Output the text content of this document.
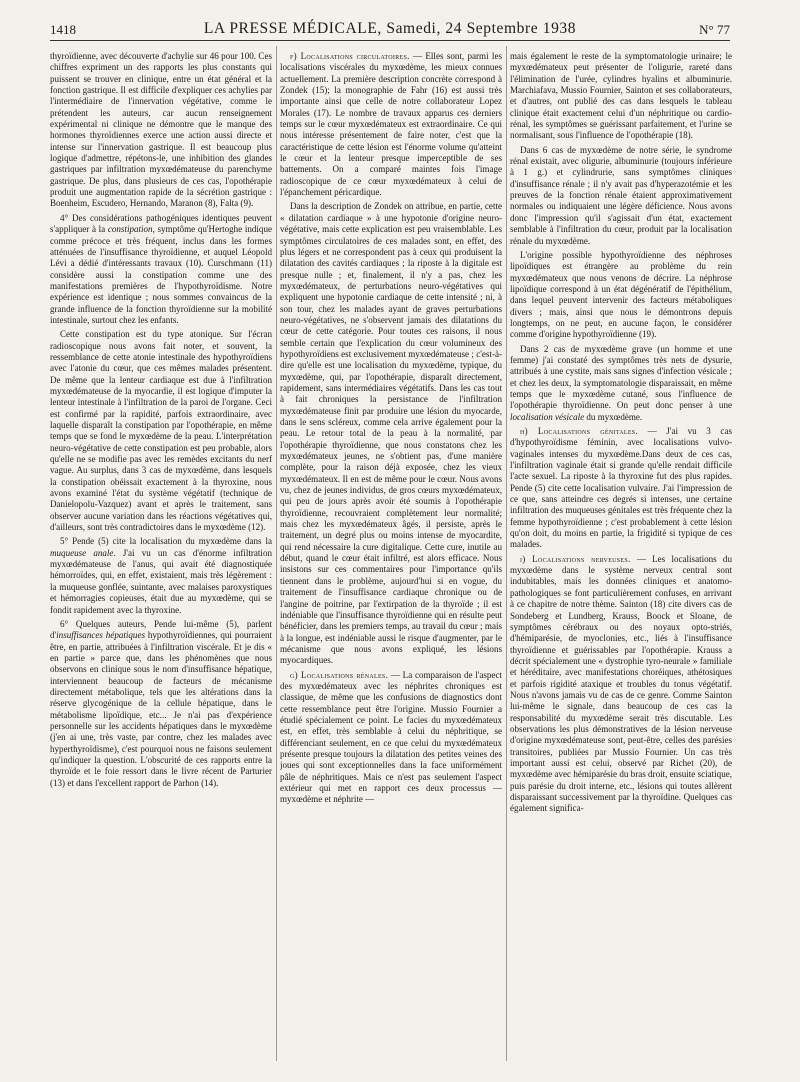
1418	LA PRESSE MÉDICALE, Samedi, 24 Septembre 1938	N° 77

thyroïdienne, avec découverte d'achylie sur 46 pour 100. Ces chiffres expriment un des rapports les plus constants qui puissent se trouver en clinique, entre un état général et la fonction gastrique. Il est difficile d'expliquer ces achylies par l'intermédiaire de l'innervation végétative, comme le prétendent les auteurs, car aucun renseignement expérimental ni clinique ne démontre que le manque des hormones thyroïdiennes exerce une action aussi directe et intense sur l'innervation gastrique. Il est beaucoup plus logique d'admettre, répétons-le, une inhibition des glandes gastriques par infiltration myxœdémateuse du parenchyme gastrique. De plus, dans plusieurs de ces cas, l'opothérapie produit une augmentation rapide de la sécrétion gastrique : Boenheim, Escudero, Hernando, Maranon (8), Falta (9).

4° Des considérations pathogéniques identiques peuvent s'appliquer à la constipation, symptôme qu'Hertoghe indique comme précoce et très fréquent, inclus dans les formes atténuées de l'insuffisance thyroïdienne, et auquel Léopold Lévi a dédié d'intéressants travaux (10). Curschmann (11) considère aussi la constipation comme une des manifestations premières de l'hypothyroïdisme. Notre expérience est identique ; nous sommes convaincus de la grande influence de la fonction thyroïdienne sur la mobilité intestinale, surtout chez les enfants.

Cette constipation est du type atonique. Sur l'écran radioscopique nous avons fait noter, et souvent, la ressemblance de cette atonie intestinale des hypothyroïdiens avec l'atonie du cœur, que ces mêmes malades présentent. De même que la lenteur cardiaque est due à l'infiltration myxœdémateuse de la myocardie, il est logique d'imputer la lenteur intestinale à l'infiltration de la paroi de l'organe. Ceci est confirmé par la rapidité, parfois extraordinaire, avec laquelle disparaît la constipation par l'opothérapie, en même temps que se fond le myxœdème de la peau. L'interprétation neuro-végétative de cette constipation est peu probable, alors qu'elle ne se modifie pas avec les remèdes excitants du nerf vague. Au surplus, dans 3 cas de myxœdème, dans lesquels la constipation obéissait exactement à la thyroxine, nous avons examiné l'état du système végétatif (technique de Danielopolu-Vazquez) avant et après le traitement, sans observer aucune variation dans les réactions végétatives qui, d'ailleurs, sont très contradictoires dans le myxœdème (12).

5° Pende (5) cite la localisation du myxœdème dans la muqueuse anale. J'ai vu un cas d'énorme infiltration myxœdémateuse de l'anus, qui avait été diagnostiquée hémorroïdes, qui, en effet, existaient, mais très légèrement : la muqueuse gonflée, suintante, avec malaises paroxystiques et hémorragies copieuses, était due au myxœdème, qui se fondit rapidement avec la thyroxine.

6° Quelques auteurs, Pende lui-même (5), parlent d'insuffisances hépatiques hypothyroïdiennes, qui pourraient être, en partie, attribuées à l'infiltration viscérale. Et je dis « en partie » parce que, dans les phénomènes que nous observons en clinique sous le nom d'insuffisance hépatique, interviennent beaucoup de facteurs de mécanisme directement métabolique, tels que les altérations dans la réserve glycogénique de la cellule hépatique, dans le métabolisme lipoïdique, etc... Je n'ai pas d'expérience personnelle sur les accidents hépatiques dans le myxœdème (j'en ai une, très vaste, par contre, chez les malades avec hyperthyroïdisme), c'est pourquoi nous ne faisons seulement qu'indiquer la question. L'obscurité de ces rapports entre la thyroïde et le foie ressort dans le livre récent de Parturier (13) et dans l'excellent rapport de Parhon (14).

f) Localisations circulatoires. — Elles sont, parmi les localisations viscérales du myxœdème, les mieux connues actuellement. La première description concrète correspond à Zondek (15); la monographie de Fahr (16) est aussi très importante ainsi que celle de notre collaborateur Lopez Morales (17). Le nombre de travaux apparus ces derniers temps sur le cœur myxœdémateux est extraordinaire. Ce qui nous intéresse présentement de faire noter, c'est que la caractéristique de cette lésion est l'énorme volume qu'atteint le cœur et la lenteur presque imperceptible de ses battements. On a comparé maintes fois l'image radioscopique de ce cœur myxœdémateux à celui de l'épanchement péricardique.

Dans la description de Zondek on attribue, en partie, cette « dilatation cardiaque » à une hypotonie d'origine neuro-végétative, mais cette explication est peu vraisemblable. Les symptômes circulatoires de ces malades sont, en effet, des plus légers et ne correspondent pas à ceux qui produisent la dilatation des cavités cardiaques ; la riposte à la digitale est presque nulle ; et, finalement, il n'y a pas, chez les myxœdémateux, de perturbations neuro-végétatives qui expliquent une hypotonie cardiaque de cette intensité ; ni, à son tour, chez les malades ayant de graves perturbations neuro-végétatives, ne s'observent jamais des dilatations du cœur de cette catégorie. Pour toutes ces raisons, il nous semble certain que l'explication du cœur volumineux des hypothyroïdiens est exclusivement myxœdémateuse ; c'est-à-dire qu'elle est une localisation du myxœdème, typique, du myxœdème, qui, par l'opothérapie, disparaît directement, rapidement, sans intermédiaires végétatifs. Dans les cas tout à fait chroniques la persistance de l'infiltration myxœdémateuse finit par produire une lésion du myocarde, dans le sens scléreux, comme cela arrive également pour la peau. Le retour total de la peau à la normalité, par l'opothérapie thyroïdienne, que nous constatons chez les myxœdémateux jeunes, ne s'obtient pas, d'une manière complète, pour la raison déjà exposée, chez les vieux myxœdémateux. Il en est de même pour le cœur. Nous avons vu, chez de jeunes individus, de gros cœurs myxœdémateux, qui peu de jours après avoir été soumis à l'opothérapie thyroïdienne, recouvraient complètement leur normalité; mais chez les myxœdémateux âgés, il persiste, après le traitement, un degré plus ou moins intense de myocardite, qui rend nécessaire la cure digitalique. Cette cure, inutile au début, quand le cœur était infiltré, est alors efficace. Nous insistons sur ces commentaires pour l'importance qu'ils tiennent dans le problème, aujourd'hui si en vogue, du traitement de l'insuffisance cardiaque chronique ou de l'angine de poitrine, par l'extirpation de la thyroïde ; il est indéniable que l'insuffisance thyroïdienne qui en résulte peut bénéficier, dans les premiers temps, au travail du cœur ; mais à la longue, est indéniable aussi le risque d'augmenter, par le mécanisme que nous avons expliqué, les lésions myocardiques.

g) Localisations rénales. — La comparaison de l'aspect des myxœdémateux avec les néphrites chroniques est classique, de même que les confusions de diagnostics dont cette ressemblance peut être l'origine. Mussio Fournier a étudié spécialement ce point. Le facies du myxœdémateux est, en effet, très semblable à celui du néphritique, se différenciant seulement, en ce que celui du myxœdémateux présente presque toujours la dilatation des petites veines des joues qui sont exceptionnelles dans la face uniformément pâle de néphritiques. Mais ce n'est pas seulement l'aspect extérieur qui met en rapport ces deux processus — myxœdème et néphrite —

mais également le reste de la symptomatologie urinaire; le myxœdémateux peut présenter de l'oligurie, rareté dans l'élimination de l'urée, cylindres hyalins et albuminurie. Marchiafava, Mussio Fournier, Sainton et ses collaborateurs, et d'autres, ont publié des cas dans lesquels le tableau clinique était exactement celui d'un néphritique ou cardio-rénal, les symptômes se guérissant parfaitement, et l'urine se normalisant, sous l'influence de l'opothérapie (18).

Dans 6 cas de myxœdème de notre série, le syndrome rénal existait, avec oligurie, albuminurie (toujours inférieure à 1 g.) et cylindrurie, sans symptômes cliniques d'insuffisance rénale ; il n'y avait pas d'hyperazotémie et les preuves de la fonction rénale étaient approximativement normales ou indiquaient une légère déficience. Nous avons donc l'impression qu'il s'agissait d'un état, exactement semblable à l'infiltration du cœur, produit par la localisation rénale du myxœdème.

L'origine possible hypothyroïdienne des néphroses lipoïdiques est étrangère au problème du rein myxœdémateux que nous venons de décrire. La néphrose lipoïdique correspond à un état dégénératif de l'épithélium, dans lequel peuvent intervenir des facteurs métaboliques divers ; mais, ainsi que nous le démontrons depuis longtemps, on ne peut, en aucune façon, le considérer comme d'origine hypothyroïdienne (19).

Dans 2 cas de myxœdème grave (un homme et une femme) j'ai constaté des symptômes très nets de dysurie, attribués à une cystite, mais sans signes d'infection vésicale ; et chez les deux, la symptomatologie disparaissait, en même temps que le myxœdème cutané, sous l'influence de l'opothérapie thyroïdienne. On peut donc penser à une localisation vésicale du myxœdème.

h) Localisations génitales. — J'ai vu 3 cas d'hypothyroïdisme féminin, avec localisations vulvo-vaginales intenses du myxœdème.Dans deux de ces cas, l'infiltration vaginale était si grande qu'elle rendait difficile l'acte sexuel. La riposte à la thyroxine fut des plus rapides. Pende (5) cite cette localisation vulvaire. J'ai l'impression de ce que, sans atteindre ces degrés si intenses, une certaine infiltration des muqueuses génitales est très fréquente chez la femme hypothyroïdienne ; c'est probablement à cette lésion qu'on doit, du moins en partie, la frigidité si typique de ces malades.

i) Localisations nerveuses. — Les localisations du myxœdème dans le système nerveux central sont indubitables, mais les données cliniques et anatomo-pathologiques se font particulièrement confuses, en arrivant à ce chapitre de notre thème. Sainton (18) cite divers cas de Sondeberg et Lundberg, Krauss, Boock et Sloane, de symptômes cérébraux ou des noyaux opto-striés, d'hémiparésie, de myoclonies, etc., liés à l'insuffisance thyroïdienne et guérissables par l'opothérapie. Krauss a décrit spécialement une « dystrophie tyro-neurale » familiale et héréditaire, avec manifestations choréiques, athétosiques et parfois rigidité ataxique et troubles du tonus végétatif. Nous n'avons jamais vu de cas de ce genre. Comme Sainton lui-même le signale, dans beaucoup de ces cas la responsabilité du myxœdème serait très discutable. Les observations les plus démonstratives de la lésion nerveuse d'origine myxœdémateuse sont, peut-être, celles des parésies transitoires, publiées par Mussio Fournier. Un cas très important aussi est celui, observé par Richet (20), de myxœdème avec hémiparésie du bras droit, ensuite sciatique, puis parésie du droit interne, etc., lésions qui toutes allèrent disparaissant successivement par la thyroïdine. Quelques cas également significa-
